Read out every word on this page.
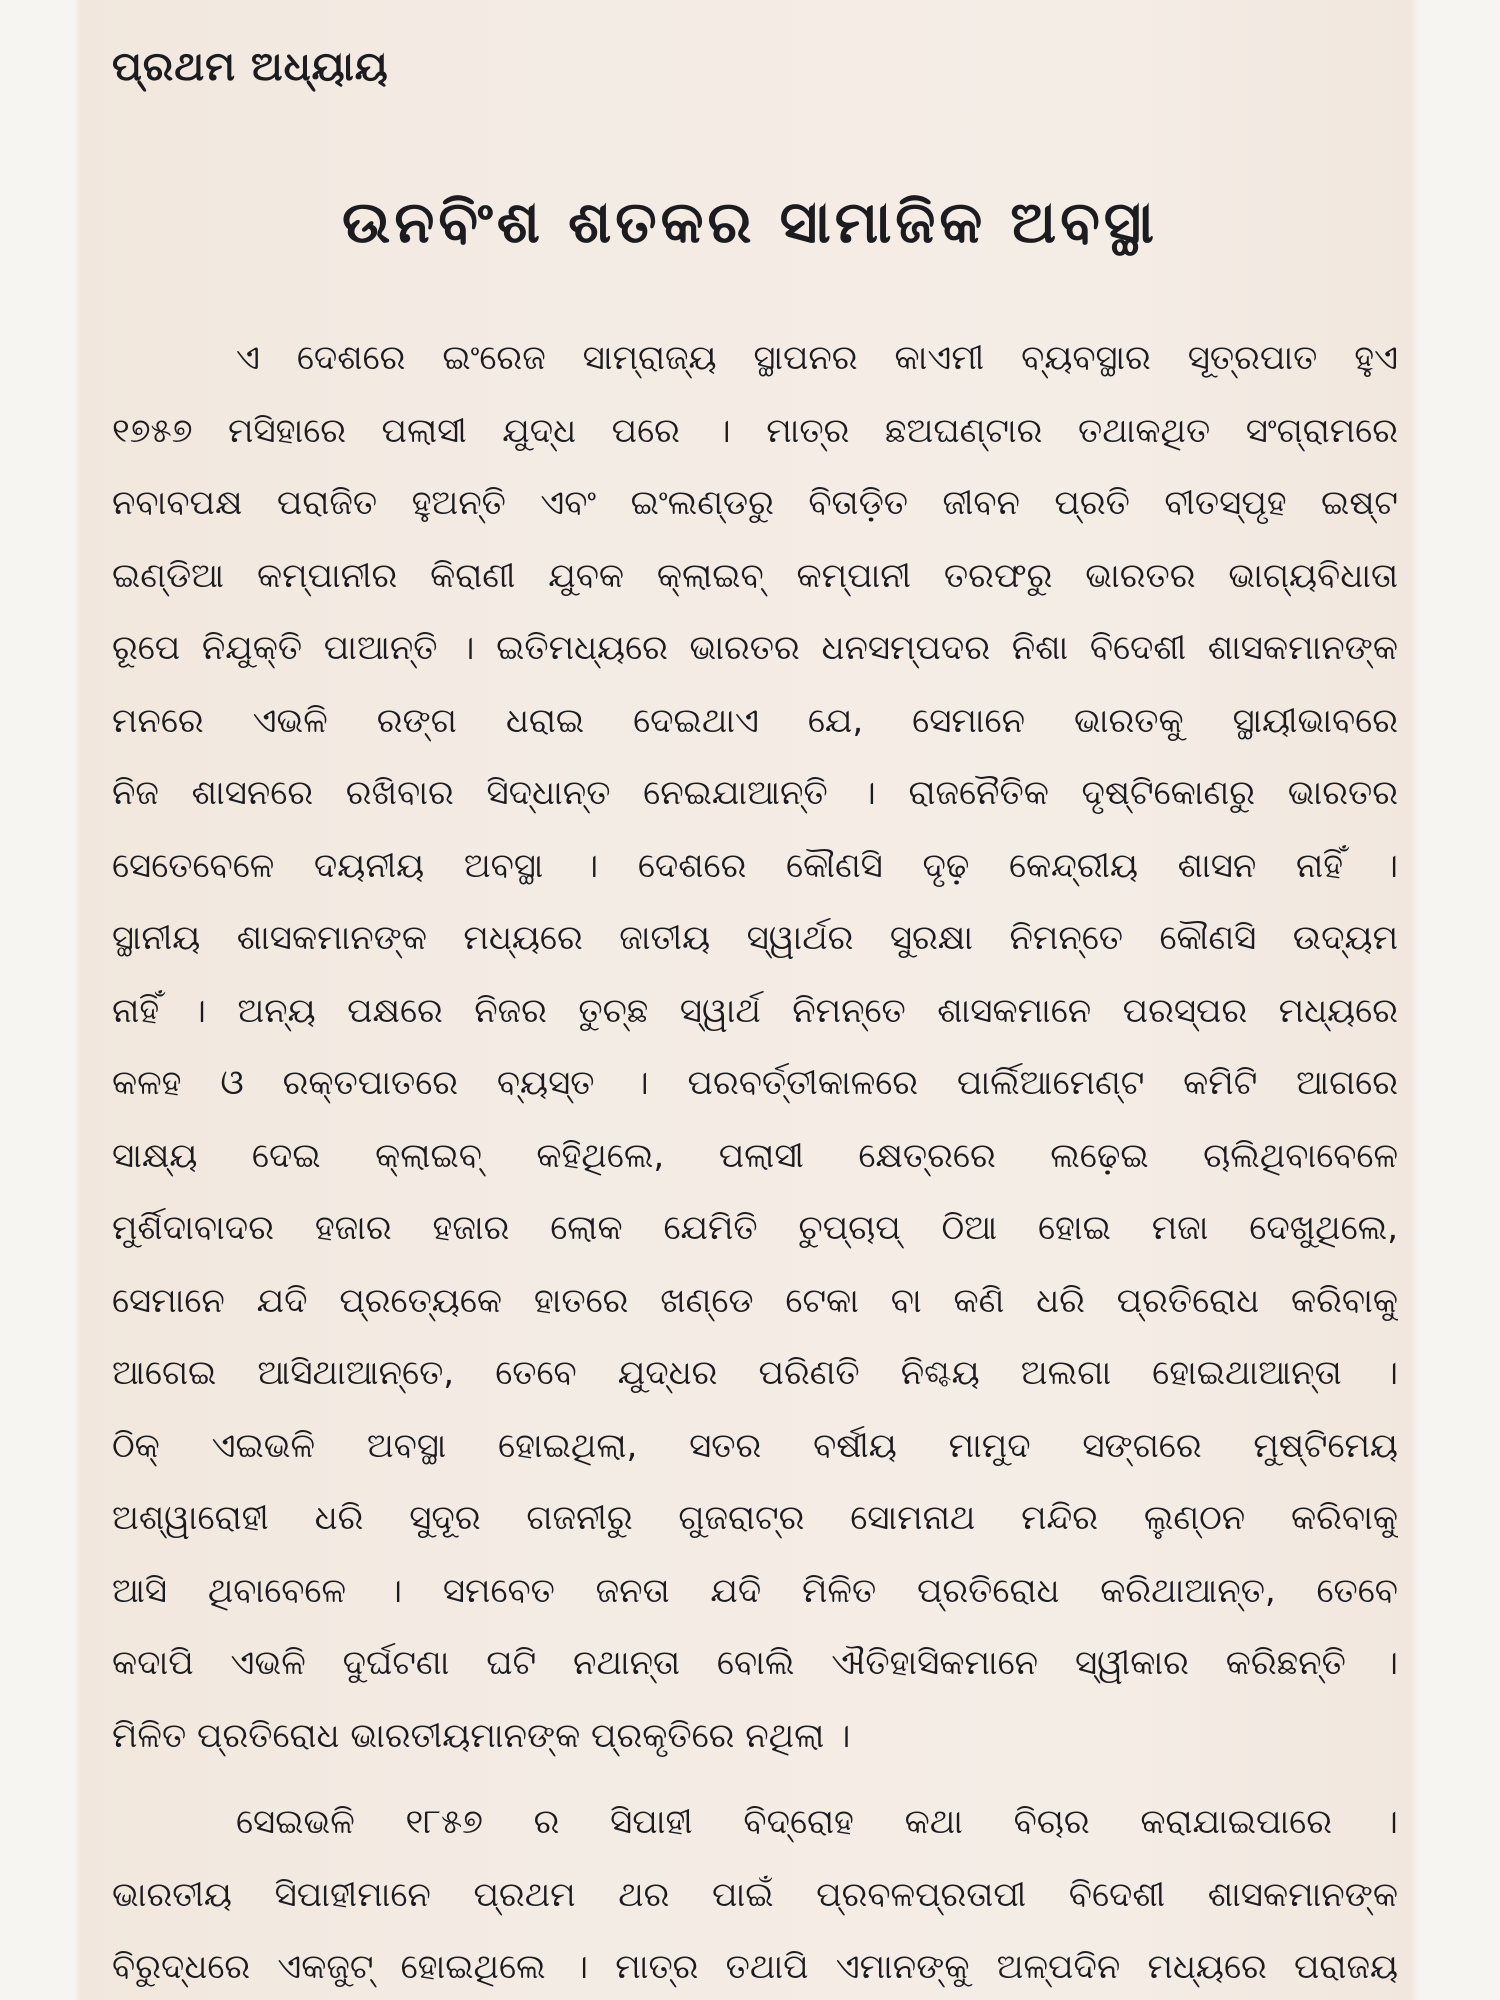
ପ୍ରଥମ ଅଧ୍ୟାୟ
ଉନବିଂଶ ଶତକର ସାମାଜିକ ଅବସ୍ଥା
ଏ ଦେଶରେ ଇଂରେଜ ସାମ୍ରାଜ୍ୟ ସ୍ଥାପନର କାଏମୀ ବ୍ୟବସ୍ଥାର ସୂତ୍ରପାତ ହୁଏ
୧୭୫୭ ମସିହାରେ ପଲାସୀ ଯୁଦ୍ଧ ପରେ । ମାତ୍ର ଛଅଘଣ୍ଟାର ତଥାକଥିତ ସଂଗ୍ରାମରେ
ନବାବପକ୍ଷ ପରାଜିତ ହୁଅନ୍ତି ଏବଂ ଇଂଲଣ୍ଡରୁ ବିତାଡ଼ିତ ଜୀବନ ପ୍ରତି ବୀତସ୍ପୃହ ଇଷ୍ଟ
ଇଣ୍ଡିଆ କମ୍ପାନୀର କିରାଣୀ ଯୁବକ କ୍ଲାଇବ୍ କମ୍ପାନୀ ତରଫରୁ ଭାରତର ଭାଗ୍ୟବିଧାତା
ରୂପେ ନିଯୁକ୍ତି ପାଆନ୍ତି । ଇତିମଧ୍ୟରେ ଭାରତର ଧନସମ୍ପଦର ନିଶା ବିଦେଶୀ ଶାସକମାନଙ୍କ
ମନରେ ଏଭଳି ରଙ୍ଗ ଧରାଇ ଦେଇଥାଏ ଯେ, ସେମାନେ ଭାରତକୁ ସ୍ଥାୟୀଭାବରେ
ନିଜ ଶାସନରେ ରଖିବାର ସିଦ୍ଧାନ୍ତ ନେଇଯାଆନ୍ତି । ରାଜନୈତିକ ଦୃଷ୍ଟିକୋଣରୁ ଭାରତର
ସେତେବେଳେ ଦୟନୀୟ ଅବସ୍ଥା । ଦେଶରେ କୌଣସି ଦୃଢ଼ କେନ୍ଦ୍ରୀୟ ଶାସନ ନାହିଁ ।
ସ୍ଥାନୀୟ ଶାସକମାନଙ୍କ ମଧ୍ୟରେ ଜାତୀୟ ସ୍ୱାର୍ଥର ସୁରକ୍ଷା ନିମନ୍ତେ କୌଣସି ଉଦ୍ୟମ
ନାହିଁ । ଅନ୍ୟ ପକ୍ଷରେ ନିଜର ତୁଚ୍ଛ ସ୍ୱାର୍ଥ ନିମନ୍ତେ ଶାସକମାନେ ପରସ୍ପର ମଧ୍ୟରେ
କଳହ ଓ ରକ୍ତପାତରେ ବ୍ୟସ୍ତ । ପରବର୍ତ୍ତୀକାଳରେ ପାର୍ଲିଆମେଣ୍ଟ କମିଟି ଆଗରେ
ସାକ୍ଷ୍ୟ ଦେଇ କ୍ଲାଇବ୍ କହିଥିଲେ, ପଲାସୀ କ୍ଷେତ୍ରରେ ଲଢ଼େଇ ଚାଲିଥିବାବେଳେ
ମୁର୍ଶିଦାବାଦର ହଜାର ହଜାର ଲୋକ ଯେମିତି ଚୁପ୍‌ଚାପ୍ ଠିଆ ହୋଇ ମଜା ଦେଖୁଥିଲେ,
ସେମାନେ ଯଦି ପ୍ରତ୍ୟେକେ ହାତରେ ଖଣ୍ଡେ ଟେକା ବା କଣି ଧରି ପ୍ରତିରୋଧ କରିବାକୁ
ଆଗେଇ ଆସିଥାଆନ୍ତେ, ତେବେ ଯୁଦ୍ଧର ପରିଣତି ନିଶ୍ଚୟ ଅଲଗା ହୋଇଥାଆନ୍ତା ।
ଠିକ୍ ଏଇଭଳି ଅବସ୍ଥା ହୋଇଥିଲା, ସତର ବର୍ଷୀୟ ମାମୁଦ ସଙ୍ଗରେ ମୁଷ୍ଟିମେୟ
ଅଶ୍ୱାରୋହୀ ଧରି ସୁଦୂର ଗଜନୀରୁ ଗୁଜରାଟ୍‌ର ସୋମନାଥ ମନ୍ଦିର ଲୁଣ୍ଠନ କରିବାକୁ
ଆସି ଥିବାବେଳେ । ସମବେତ ଜନତା ଯଦି ମିଳିତ ପ୍ରତିରୋଧ କରିଥାଆନ୍ତ, ତେବେ
କଦାପି ଏଭଳି ଦୁର୍ଘଟଣା ଘଟି ନଥାନ୍ତା ବୋଲି ଐତିହାସିକମାନେ ସ୍ୱୀକାର କରିଛନ୍ତି ।
ମିଳିତ ପ୍ରତିରୋଧ ଭାରତୀୟମାନଙ୍କ ପ୍ରକୃତିରେ ନଥିଲା ।
ସେଇଭଳି ୧୮୫୭ ର ସିପାହୀ ବିଦ୍ରୋହ କଥା ବିଚାର କରାଯାଇପାରେ ।
ଭାରତୀୟ ସିପାହୀମାନେ ପ୍ରଥମ ଥର ପାଇଁ ପ୍ରବଳପ୍ରତାପୀ ବିଦେଶୀ ଶାସକମାନଙ୍କ
ବିରୁଦ୍ଧରେ ଏକଜୁଟ୍ ହୋଇଥିଲେ । ମାତ୍ର ତଥାପି ଏମାନଙ୍କୁ ଅଳ୍ପଦିନ ମଧ୍ୟରେ ପରାଜୟ
